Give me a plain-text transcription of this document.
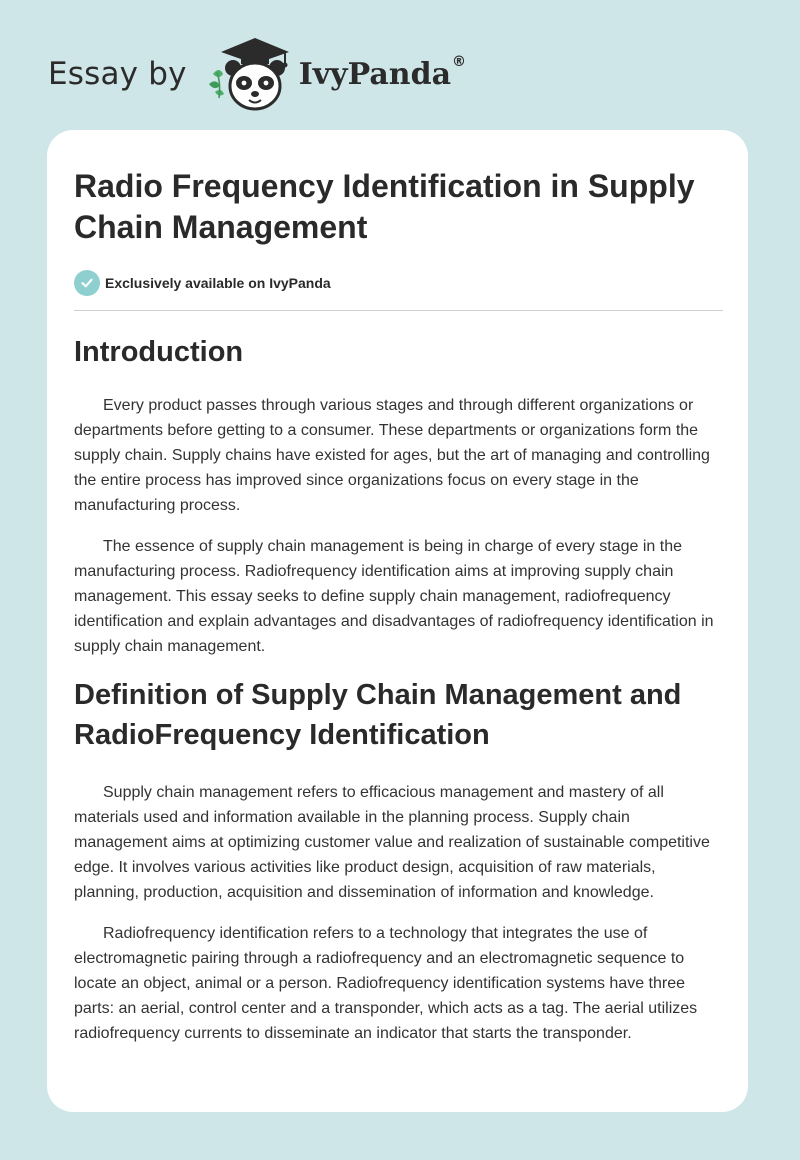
Essay by	IvyPanda ®
Radio Frequency Identification in Supply Chain Management
Exclusively available on IvyPanda
Introduction

Every product passes through various stages and through different organizations or departments before getting to a consumer. These departments or organizations form the supply chain. Supply chains have existed for ages, but the art of managing and controlling the entire process has improved since organizations focus on every stage in the manufacturing process.

The essence of supply chain management is being in charge of every stage in the manufacturing process. Radiofrequency identification aims at improving supply chain management. This essay seeks to define supply chain management, radiofrequency identification and explain advantages and disadvantages of radiofrequency identification in supply chain management.

Definition of Supply Chain Management and RadioFrequency Identification

Supply chain management refers to efficacious management and mastery of all materials used and information available in the planning process. Supply chain management aims at optimizing customer value and realization of sustainable competitive edge. It involves various activities like product design, acquisition of raw materials, planning, production, acquisition and dissemination of information and knowledge.

Radiofrequency identification refers to a technology that integrates the use of electromagnetic pairing through a radiofrequency and an electromagnetic sequence to locate an object, animal or a person. Radiofrequency identification systems have three parts: an aerial, control center and a transponder, which acts as a tag. The aerial utilizes radiofrequency currents to disseminate an indicator that starts the transponder.
